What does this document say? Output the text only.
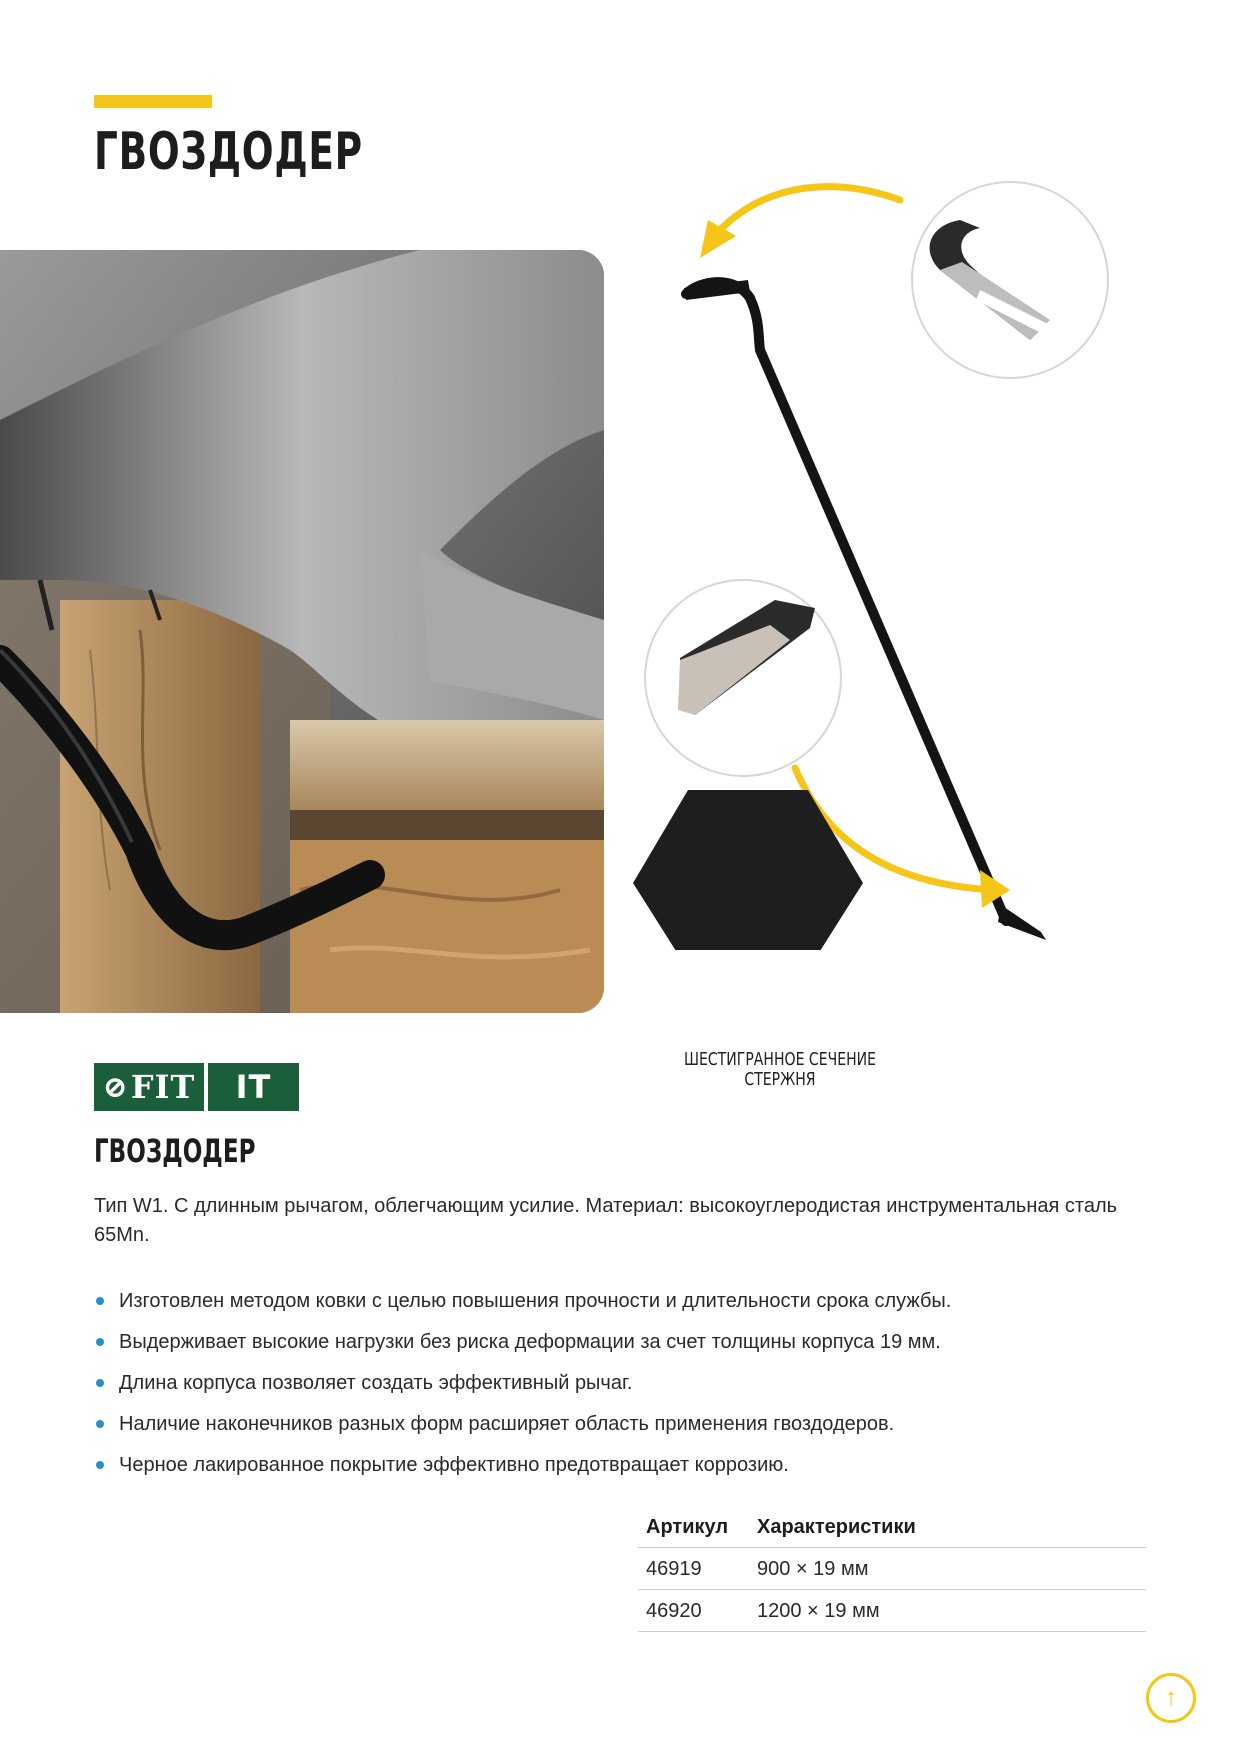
ГВОЗДОДЕР
ШЕСТИГРАННОЕ СЕЧЕНИЕ СТЕРЖНЯ
⊘ FIT	IT
ГВОЗДОДЕР

Тип W1. С длинным рычагом, облегчающим усилие. Материал: высокоуглеродистая инструментальная сталь 65Mn.

Изготовлен методом ковки с целью повышения прочности и длительности срока службы.
Выдерживает высокие нагрузки без риска деформации за счет толщины корпуса 19 мм.
Длина корпуса позволяет создать эффективный рычаг.
Наличие наконечников разных форм расширяет область применения гвоздодеров.
Черное лакированное покрытие эффективно предотвращает коррозию.
Артикул	Характеристики
46919	900 × 19 мм
46920	1200 × 19 мм
↑
